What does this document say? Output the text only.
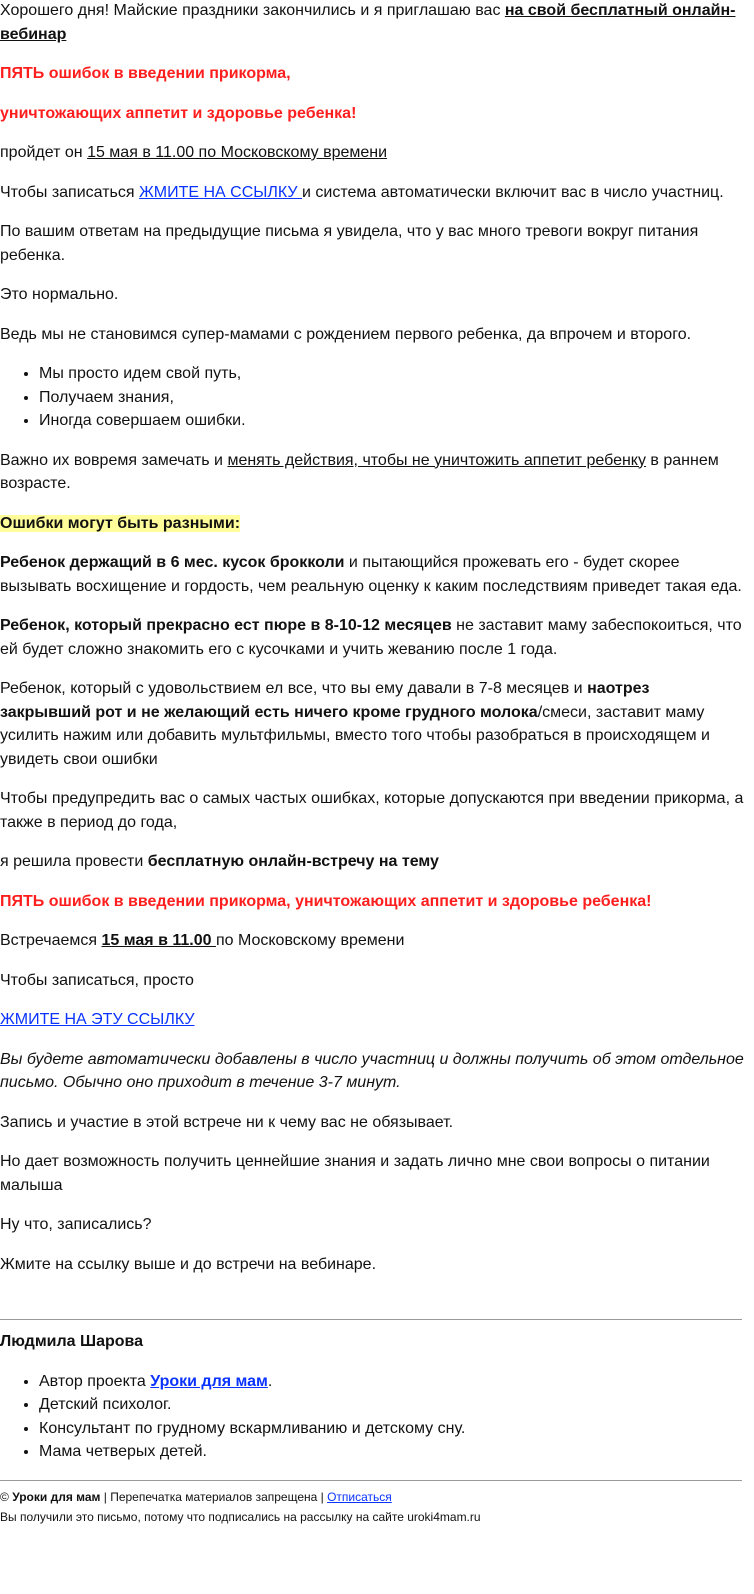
Хорошего дня! Майские праздники закончились и я приглашаю вас на свой бесплатный онлайн-вебинар

ПЯТЬ ошибок в введении прикорма,

уничтожающих аппетит и здоровье ребенка!

пройдет он 15 мая в 11.00 по Московскому времени

Чтобы записаться ЖМИТЕ НА ССЫЛКУ и система автоматически включит вас в число участниц.

По вашим ответам на предыдущие письма я увидела, что у вас много тревоги вокруг питания ребенка.

Это нормально.

Ведь мы не становимся супер-мамами с рождением первого ребенка, да впрочем и второго.

• Мы просто идем свой путь,
• Получаем знания,
• Иногда совершаем ошибки.

Важно их вовремя замечать и менять действия, чтобы не уничтожить аппетит ребенку в раннем возрасте.

Ошибки могут быть разными:

Ребенок держащий в 6 мес. кусок брокколи и пытающийся прожевать его - будет скорее вызывать восхищение и гордость, чем реальную оценку к каким последствиям приведет такая еда.

Ребенок, который прекрасно ест пюре в 8-10-12 месяцев не заставит маму забеспокоиться, что ей будет сложно знакомить его с кусочками и учить жеванию после 1 года.

Ребенок, который с удовольствием ел все, что вы ему давали в 7-8 месяцев и наотрез закрывший рот и не желающий есть ничего кроме грудного молока/смеси, заставит маму усилить нажим или добавить мультфильмы, вместо того чтобы разобраться в происходящем и увидеть свои ошибки

Чтобы предупредить вас о самых частых ошибках, которые допускаются при введении прикорма, а также в период до года,

я решила провести бесплатную онлайн-встречу на тему

ПЯТЬ ошибок в введении прикорма, уничтожающих аппетит и здоровье ребенка!

Встречаемся 15 мая в 11.00 по Московскому времени

Чтобы записаться, просто

ЖМИТЕ НА ЭТУ ССЫЛКУ

Вы будете автоматически добавлены в число участниц и должны получить об этом отдельное письмо. Обычно оно приходит в течение 3-7 минут.

Запись и участие в этой встрече ни к чему вас не обязывает.

Но дает возможность получить ценнейшие знания и задать лично мне свои вопросы о питании малыша

Ну что, записались?

Жмите на ссылку выше и до встречи на вебинаре.

Людмила Шарова

• Автор проекта Уроки для мам.
• Детский психолог.
• Консультант по грудному вскармливанию и детскому сну.
• Мама четверых детей.

© Уроки для мам | Перепечатка материалов запрещена | Отписаться

Вы получили это письмо, потому что подписались на рассылку на сайте uroki4mam.ru
